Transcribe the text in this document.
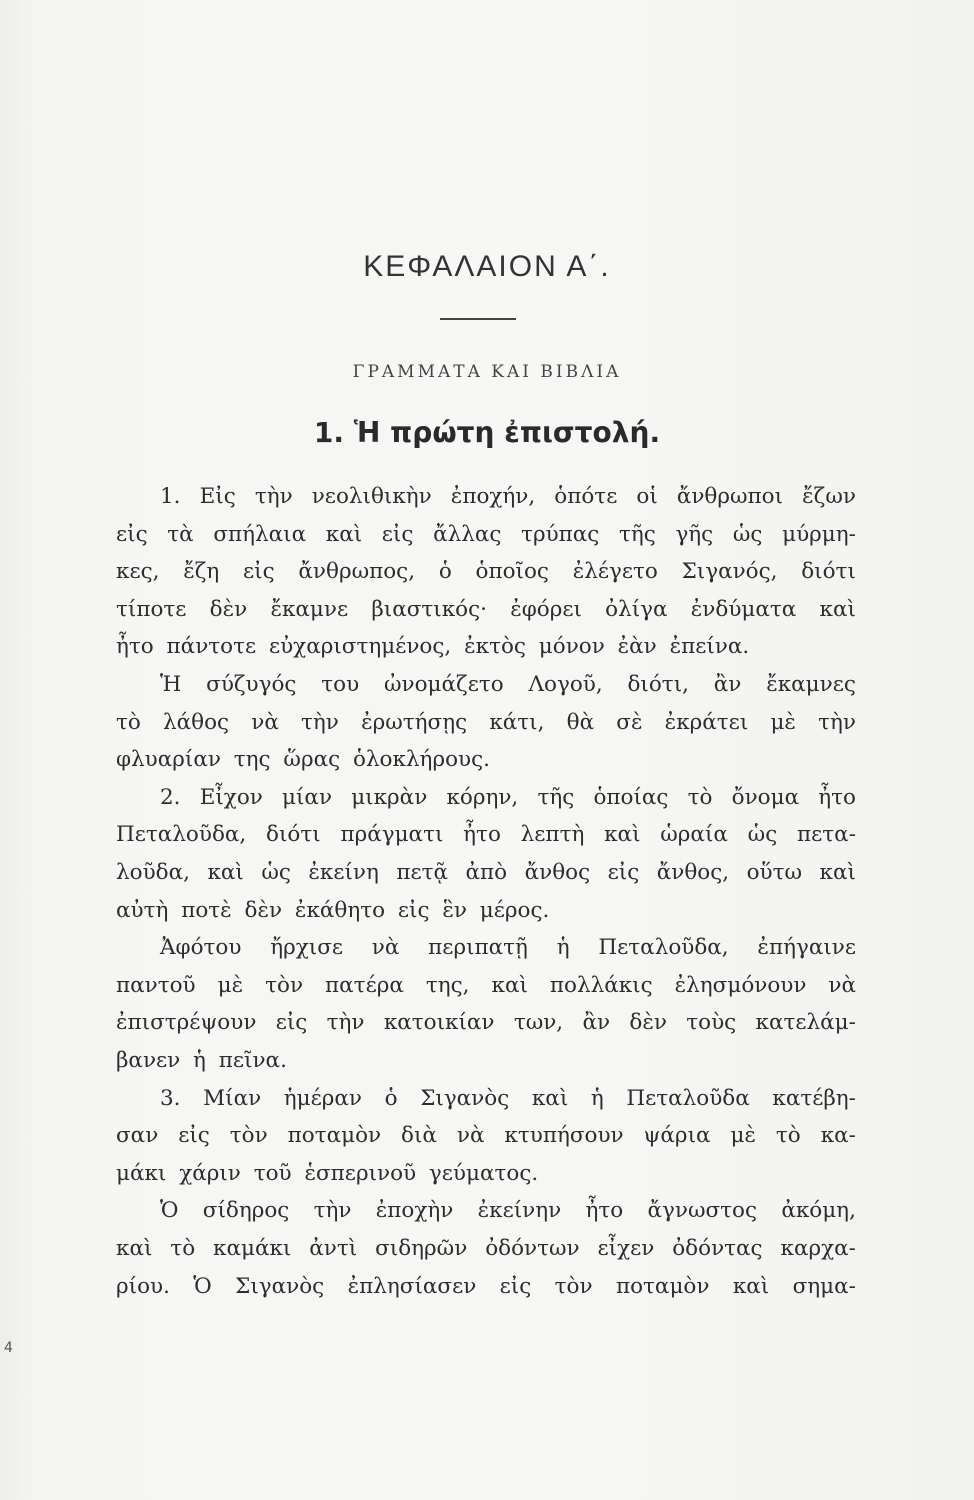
ΚΕΦΑΛΑΙΟΝ Α΄.
ΓΡΑΜΜΑΤΑ ΚΑΙ ΒΙΒΛΙΑ
1. Ἡ πρώτη ἐπιστολή.
1. Εἰς τὴν νεολιθικὴν ἐποχήν, ὁπότε οἱ ἄνθρωποι ἔζων
εἰς τὰ σπήλαια καὶ εἰς ἄλλας τρύπας τῆς γῆς ὡς μύρμη-
κες, ἔζη εἰς ἄνθρωπος, ὁ ὁποῖος ἐλέγετο Σιγανός, διότι
τίποτε δὲν ἔκαμνε βιαστικός· ἐφόρει ὀλίγα ἐνδύματα καὶ
ἦτο πάντοτε εὐχαριστημένος, ἐκτὸς μόνον ἐὰν ἐπείνα.
Ἡ σύζυγός του ὠνομάζετο Λογοῦ, διότι, ἂν ἔκαμνες
τὸ λάθος νὰ τὴν ἐρωτήσῃς κάτι, θὰ σὲ ἐκράτει μὲ τὴν
φλυαρίαν της ὥρας ὁλοκλήρους.
2. Εἶχον μίαν μικρὰν κόρην, τῆς ὁποίας τὸ ὄνομα ἦτο
Πεταλοῦδα, διότι πράγματι ἦτο λεπτὴ καὶ ὡραία ὡς πετα-
λοῦδα, καὶ ὡς ἐκείνη πετᾷ ἀπὸ ἄνθος εἰς ἄνθος, οὕτω καὶ
αὐτὴ ποτὲ δὲν ἐκάθητο εἰς ἓν μέρος.
Ἀφότου ἤρχισε νὰ περιπατῇ ἡ Πεταλοῦδα, ἐπήγαινε
παντοῦ μὲ τὸν πατέρα της, καὶ πολλάκις ἐλησμόνουν νὰ
ἐπιστρέψουν εἰς τὴν κατοικίαν των, ἂν δὲν τοὺς κατελάμ-
βανεν ἡ πεῖνα.
3. Μίαν ἡμέραν ὁ Σιγανὸς καὶ ἡ Πεταλοῦδα κατέβη-
σαν εἰς τὸν ποταμὸν διὰ νὰ κτυπήσουν ψάρια μὲ τὸ κα-
μάκι χάριν τοῦ ἑσπερινοῦ γεύματος.
Ὁ σίδηρος τὴν ἐποχὴν ἐκείνην ἦτο ἄγνωστος ἀκόμη,
καὶ τὸ καμάκι ἀντὶ σιδηρῶν ὀδόντων εἶχεν ὀδόντας καρχα-
ρίου. Ὁ Σιγανὸς ἐπλησίασεν εἰς τὸν ποταμὸν καὶ σημα-
4
